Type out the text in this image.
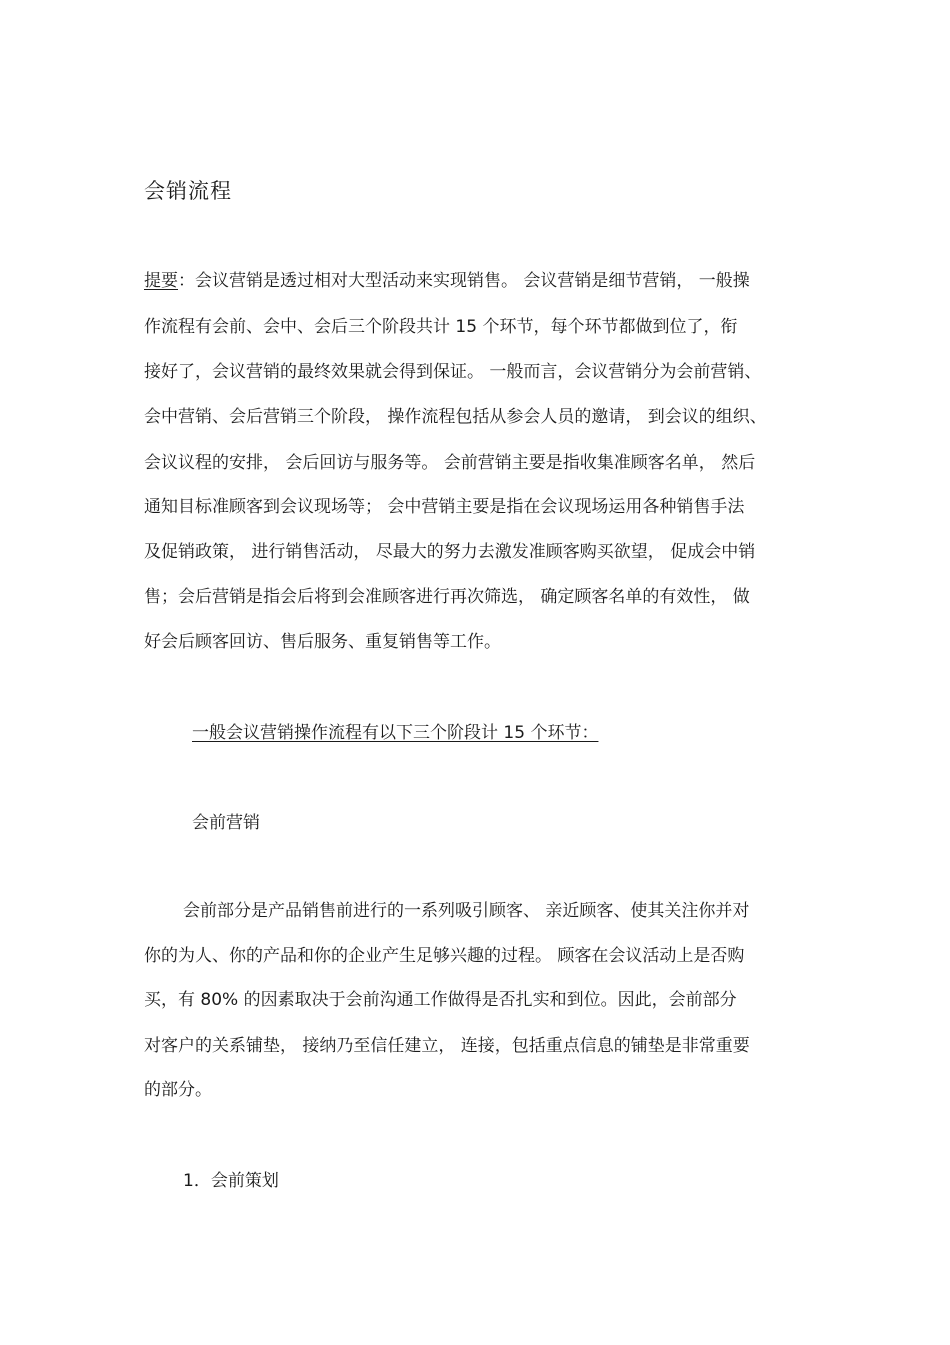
会销流程
提要：会议营销是透过相对大型活动来实现销售。 会议营销是细节营销， 一般操
作流程有会前、会中、会后三个阶段共计 15 个环节，每个环节都做到位了，衔
接好了，会议营销的最终效果就会得到保证。 一般而言，会议营销分为会前营销、
会中营销、会后营销三个阶段， 操作流程包括从参会人员的邀请， 到会议的组织、
会议议程的安排， 会后回访与服务等。 会前营销主要是指收集准顾客名单， 然后
通知目标准顾客到会议现场等； 会中营销主要是指在会议现场运用各种销售手法
及促销政策， 进行销售活动， 尽最大的努力去激发准顾客购买欲望， 促成会中销
售；会后营销是指会后将到会准顾客进行再次筛选， 确定顾客名单的有效性， 做
好会后顾客回访、售后服务、重复销售等工作。
一般会议营销操作流程有以下三个阶段计 15 个环节：
会前营销
会前部分是产品销售前进行的一系列吸引顾客、 亲近顾客、使其关注你并对
你的为人、你的产品和你的企业产生足够兴趣的过程。 顾客在会议活动上是否购
买，有 80% 的因素取决于会前沟通工作做得是否扎实和到位。因此，会前部分
对客户的关系铺垫， 接纳乃至信任建立， 连接，包括重点信息的铺垫是非常重要
的部分。
1．会前策划
